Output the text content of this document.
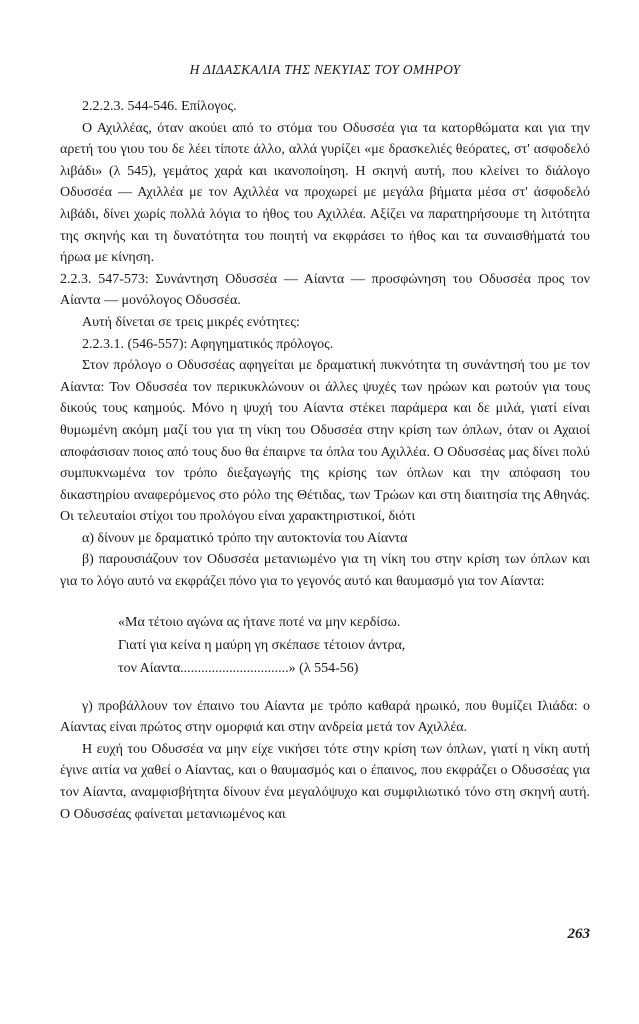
Η ΔΙΔΑΣΚΑΛΙΑ ΤΗΣ ΝΕΚΥΙΑΣ ΤΟΥ ΟΜΗΡΟΥ

2.2.2.3. 544-546. Επίλογος.

Ο Αχιλλέας, όταν ακούει από το στόμα του Οδυσσέα για τα κατορθώματα και για την αρετή του γιου του δε λέει τίποτε άλλο, αλλά γυρίζει «με δρασκελιές θεόρατες, στ' ασφοδελό λιβάδι» (λ 545), γεμάτος χαρά και ικανοποίηση. Η σκηνή αυτή, που κλείνει το διάλογο Οδυσσέα — Αχιλλέα με τον Αχιλλέα να προχωρεί με μεγάλα βήματα μέσα στ' άσφοδελό λιβάδι, δίνει χωρίς πολλά λόγια το ήθος του Αχιλλέα. Αξίζει να παρατηρήσουμε τη λιτότητα της σκηνής και τη δυνατότητα του ποιητή να εκφράσει το ήθος και τα συναισθήματά του ήρωα με κίνηση.

2.2.3. 547-573: Συνάντηση Οδυσσέα — Αίαντα — προσφώνηση του Οδυσσέα προς τον Αίαντα — μονόλογος Οδυσσέα.

Αυτή δίνεται σε τρεις μικρές ενότητες:

2.2.3.1. (546-557): Αφηγηματικός πρόλογος.

Στον πρόλογο ο Οδυσσέας αφηγείται με δραματική πυκνότητα τη συνάντησή του με τον Αίαντα: Τον Οδυσσέα τον περικυκλώνουν οι άλλες ψυχές των ηρώων και ρωτούν για τους δικούς τους καημούς. Μόνο η ψυχή του Αίαντα στέκει παράμερα και δε μιλά, γιατί είναι θυμωμένη ακόμη μαζί του για τη νίκη του Οδυσσέα στην κρίση των όπλων, όταν οι Αχαιοί αποφάσισαν ποιος από τους δυο θα έπαιρνε τα όπλα του Αχιλλέα. Ο Οδυσσέας μας δίνει πολύ συμπυκνωμένα τον τρόπο διεξαγωγής της κρίσης των όπλων και την απόφαση του δικαστηρίου αναφερόμενος στο ρόλο της Θέτιδας, των Τρώων και στη διαιτησία της Αθηνάς. Οι τελευταίοι στίχοι του προλόγου είναι χαρακτηριστικοί, διότι

α) δίνουν με δραματικό τρόπο την αυτοκτονία του Αίαντα

β) παρουσιάζουν τον Οδυσσέα μετανιωμένο για τη νίκη του στην κρίση των όπλων και για το λόγο αυτό να εκφράζει πόνο για το γεγονός αυτό και θαυμασμό για τον Αίαντα:

«Μα τέτοιο αγώνα ας ήτανε ποτέ να μην κερδίσω.
Γιατί για κείνα η μαύρη γη σκέπασε τέτοιον άντρα,
τον Αίαντα...............................» (λ 554-56)

γ) προβάλλουν τον έπαινο του Αίαντα με τρόπο καθαρά ηρωικό, που θυμίζει Ιλιάδα: ο Αίαντας είναι πρώτος στην ομορφιά και στην ανδρεία μετά τον Αχιλλέα.

Η ευχή του Οδυσσέα να μην είχε νικήσει τότε στην κρίση των όπλων, γιατί η νίκη αυτή έγινε αιτία να χαθεί ο Αίαντας, και ο θαυμασμός και ο έπαινος, που εκφράζει ο Οδυσσέας για τον Αίαντα, αναμφισβήτητα δίνουν ένα μεγαλόψυχο και συμφιλιωτικό τόνο στη σκηνή αυτή. Ο Οδυσσέας φαίνεται μετανιωμένος και

263
